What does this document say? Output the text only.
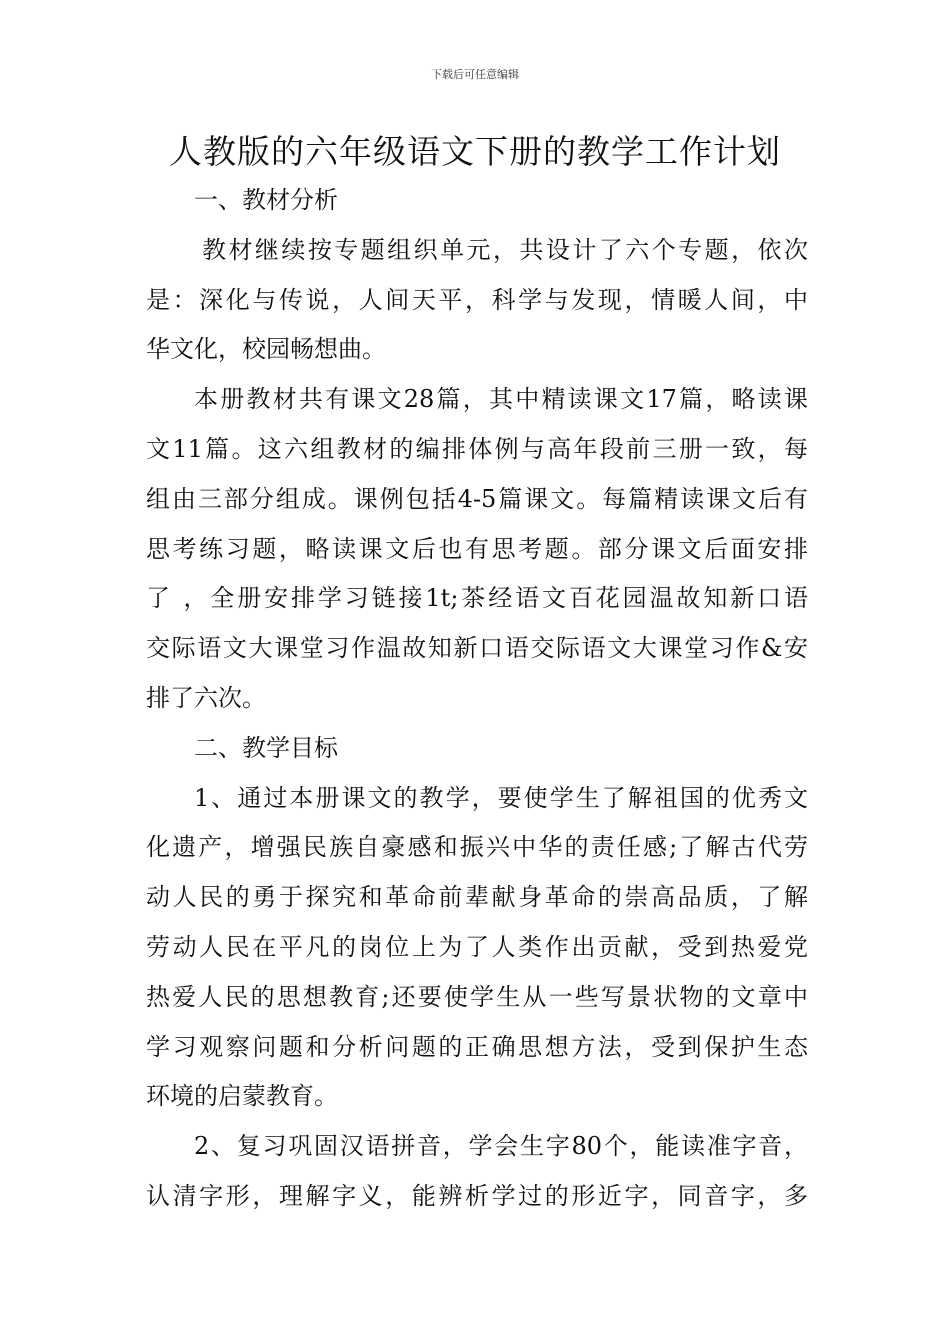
下载后可任意编辑
人教版的六年级语文下册的教学工作计划
一、教材分析
教材继续按专题组织单元，共设计了六个专题，依次
是：深化与传说，人间天平，科学与发现，情暖人间，中
华文化，校园畅想曲。
本册教材共有课文28篇，其中精读课文17篇，略读课
文11篇。这六组教材的编排体例与高年段前三册一致，每
组由三部分组成。课例包括4-5篇课文。每篇精读课文后有
思考练习题，略读课文后也有思考题。部分课文后面安排
了 ，全册安排学习链接1t;茶经语文百花园温故知新口语
交际语文大课堂习作温故知新口语交际语文大课堂习作&安
排了六次。
二、教学目标
1、通过本册课文的教学，要使学生了解祖国的优秀文
化遗产，增强民族自豪感和振兴中华的责任感;了解古代劳
动人民的勇于探究和革命前辈献身革命的崇高品质，了解
劳动人民在平凡的岗位上为了人类作出贡献，受到热爱党
热爱人民的思想教育;还要使学生从一些写景状物的文章中
学习观察问题和分析问题的正确思想方法，受到保护生态
环境的启蒙教育。
2、复习巩固汉语拼音，学会生字80个，能读准字音，
认清字形，理解字义，能辨析学过的形近字，同音字，多
